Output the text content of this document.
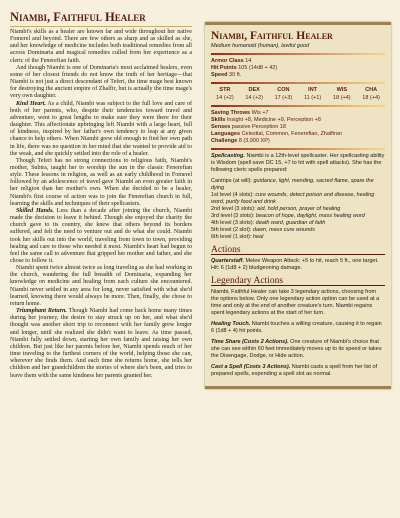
Niambi, Faithful Healer

Niambi's skills as a healer are known far and wide throughout her native Fomerel and beyond. There are few others as sharp and as skilled as she, and her knowledge of medicine includes both traditional remedies from all across Dominaria and magical remedies culled from her experience as a cleric of the Fenerefian faith.

And though Niambi is one of Dominaria's most acclaimed healers, even some of her closest friends do not know the truth of her heritage—that Niambi is not just a direct descendant of Teferi, the time mage best known for destroying the ancient empire of Zhalfir, but is actually the time mage's very own daughter.

Kind Heart. As a child, Niambi was subject to the full love and care of both of her parents, who, despite their tendencies toward travel and adventure, went to great lengths to make sure they were there for their daughter. This affectionate upbringing left Niambi with a large heart, full of kindness, inspired by her father's own tendency to leap at any given chance to help others. When Niambi grew old enough to find her own path in life, there was no question in her mind that she wanted to provide aid to the weak, and she quickly settled into the role of a healer.

Though Teferi has no strong connections to religious faith, Niambi's mother, Subira, taught her to worship the sun in the classic Fenerefian style. These lessons in religion, as well as an early childhood in Fomerel followed by an adolescence of travel gave Niambi an even greater faith in her religion than her mother's own. When she decided to be a healer, Niambi's first course of action was to join the Fenerefian church in full, learning the skills and techniques of their spellcasters.

Skilled Hands. Less than a decade after joining the church, Niambi made the decision to leave it behind. Though she enjoyed the charity the church gave to its country, she knew that others beyond its borders suffered, and felt the need to venture out and do what she could. Niambi took her skills out into the world, traveling from town to town, providing healing and care to those who needed it most. Niambi's heart had begun to feel the same call to adventure that gripped her mother and father, and she chose to follow it.

Niambi spent twice almost twice as long traveling as she had working in the church, wandering the full breadth of Dominaria, expanding her knowledge on medicine and healing from each culture she encountered. Niambi never settled in any area for long, never satisfied with what she'd learned, knowing there would always be more. Then, finally, she chose to return home.

Triumphant Return. Though Niambi had come back home many times during her journey, the desire to stay struck up on her, and what she'd thought was another short trip to reconnect with her family grew longer and longer, until she realized she didn't want to leave. As time passed, Niambi fully settled down, starting her own family and raising her own children. But just like her parents before her, Niambi spends much of her time traveling to the furthest corners of the world, helping those she can, wherever she finds them. And each time she returns home, she tells her children and her grandchildren the stories of where she's been, and tries to leave them with the same kindness her parents granted her.

Niambi, Faithful Healer
Medium humanoid (human), lawful good
Armor Class 14
Hit Points 105 (14d8 + 42)
Speed 30 ft.
STR	DEX	CON	INT	WIS	CHA
14 (+2)	14 (+2)	17 (+3)	11 (+1)	18 (+4)	18 (+4)
Saving Throws Wis +7
Skills Insight +8, Medicine +9, Perception +8
Senses passive Perception 18
Languages Celestial, Common, Fenerefian, Zhalfiran
Challenge 8 (3,900 XP)

Spellcasting. Niambi is a 12th-level spellcaster. Her spellcasting ability is Wisdom (spell save DC 15, +7 to hit with spell attacks). She has the following cleric spells prepared:

Cantrips (at will): guidance, light, mending, sacred flame, spare the dying

1st level (4 slots): cure wounds, detect poison and disease, healing word, purify food and drink

2nd level (3 slots): aid, hold person, prayer of healing

3rd level (3 slots): beacon of hope, daylight, mass healing word

4th level (3 slots): death ward, guardian of faith

5th level (2 slot): dawn, mass cure wounds

6th level (1 slot): heal

Actions

Quarterstaff. Melee Weapon Attack: +5 to hit, reach 5 ft., one target. Hit: 6 (1d8 + 2) bludgeoning damage.

Legendary Actions

Niambi, Faithful Healer can take 3 legendary actions, choosing from the options below. Only one legendary action option can be used at a time and only at the end of another creature's turn. Niambi regains spent legendary actions at the start of her turn.

Healing Touch. Niambi touches a willing creature, causing it to regain 6 (1d8 + 4) hit points.

Time Share (Costs 2 Actions). One creature of Niambi's choice that she can see within 60 feet immediately moves up to its speed or takes the Disengage, Dodge, or Hide action.

Cast a Spell (Costs 3 Actions). Niambi casts a spell from her list of prepared spells, expending a spell slot as normal.
